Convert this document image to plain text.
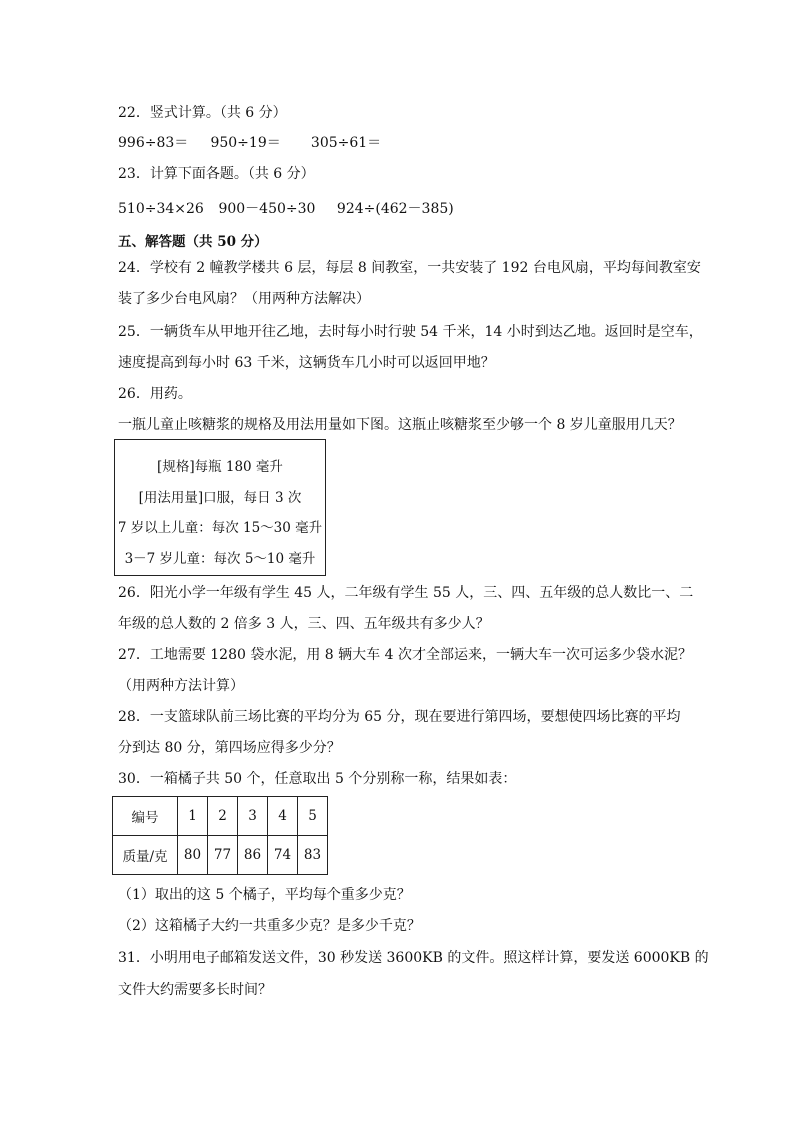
22．竖式计算。（共 6 分）
996÷83＝ 950÷19＝ 305÷61＝
23．计算下面各题。（共 6 分）
510÷34×26 900－450÷30 924÷(462－385)
五、解答题（共 50 分）
24．学校有 2 幢教学楼共 6 层，每层 8 间教室，一共安装了 192 台电风扇，平均每间教室安
装了多少台电风扇？（用两种方法解决）
25．一辆货车从甲地开往乙地，去时每小时行驶 54 千米，14 小时到达乙地。返回时是空车，
速度提高到每小时 63 千米，这辆货车几小时可以返回甲地？
26．用药。
一瓶儿童止咳糖浆的规格及用法用量如下图。这瓶止咳糖浆至少够一个 8 岁儿童服用几天？
[规格]每瓶 180 毫升
[用法用量]口服，每日 3 次
7 岁以上儿童：每次 15～30 毫升
3－7 岁儿童：每次 5～10 毫升
26．阳光小学一年级有学生 45 人，二年级有学生 55 人，三、四、五年级的总人数比一、二
年级的总人数的 2 倍多 3 人，三、四、五年级共有多少人？
27．工地需要 1280 袋水泥，用 8 辆大车 4 次才全部运来，一辆大车一次可运多少袋水泥？
（用两种方法计算）
28．一支篮球队前三场比赛的平均分为 65 分，现在要进行第四场，要想使四场比赛的平均
分到达 80 分，第四场应得多少分？
30．一箱橘子共 50 个，任意取出 5 个分别称一称，结果如表：
编号	1	2	3	4	5
质量/克	80	77	86	74	83
（1）取出的这 5 个橘子，平均每个重多少克？
（2）这箱橘子大约一共重多少克？是多少千克？
31．小明用电子邮箱发送文件，30 秒发送 3600KB 的文件。照这样计算，要发送 6000KB 的
文件大约需要多长时间？
